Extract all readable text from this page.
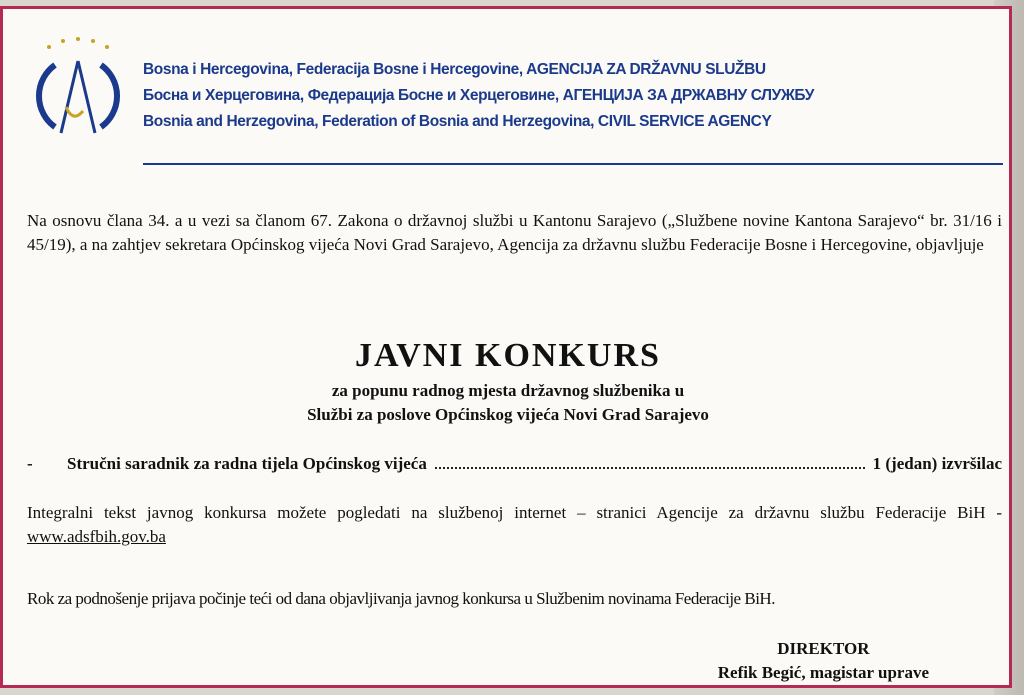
Bosna i Hercegovina, Federacija Bosne i Hercegovine, AGENCIJA ZA DRŽAVNU SLUŽBU
Босна и Херцеговина, Федерација Босне и Херцеговине, АГЕНЦИЈА ЗА ДРЖАВНУ СЛУЖБУ
Bosnia and Herzegovina, Federation of Bosnia and Herzegovina, CIVIL SERVICE AGENCY
Na osnovu člana 34. a u vezi sa članom 67. Zakona o državnoj službi u Kantonu Sarajevo („Službene novine Kantona Sarajevo“ br. 31/16 i 45/19), a na zahtjev sekretara Općinskog vijeća Novi Grad Sarajevo, Agencija za državnu službu Federacije Bosne i Hercegovine, objavljuje
JAVNI KONKURS
za popunu radnog mjesta državnog službenika u
Službi za poslove Općinskog vijeća Novi Grad Sarajevo
-	Stručni saradnik za radna tijela Općinskog vijeća	1 (jedan) izvršilac
Integralni tekst javnog konkursa možete pogledati na službenoj internet – stranici Agencije za državnu službu Federacije BiH - www.adsfbih.gov.ba
Rok za podnošenje prijava počinje teći od dana objavljivanja javnog konkursa u Službenim novinama Federacije BiH.
DIREKTOR
Refik Begić, magistar uprave
